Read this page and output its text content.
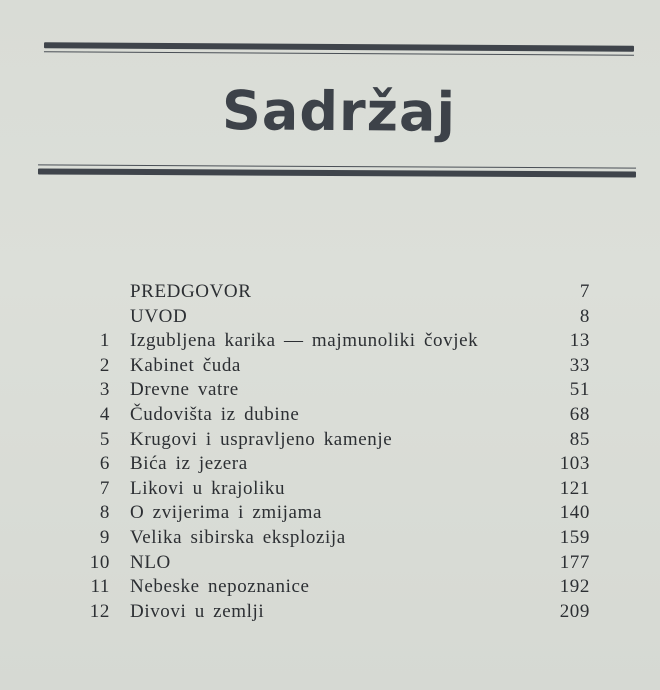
Sadržaj
PREDGOVOR	7
UVOD	8
1 Izgubljena karika — majmunoliki čovjek	13
2 Kabinet čuda	33
3 Drevne vatre	51
4 Čudovišta iz dubine	68
5 Krugovi i uspravljeno kamenje	85
6 Bića iz jezera	103
7 Likovi u krajoliku	121
8 O zvijerima i zmijama	140
9 Velika sibirska eksplozija	159
10 NLO	177
11 Nebeske nepoznanice	192
12 Divovi u zemlji	209
